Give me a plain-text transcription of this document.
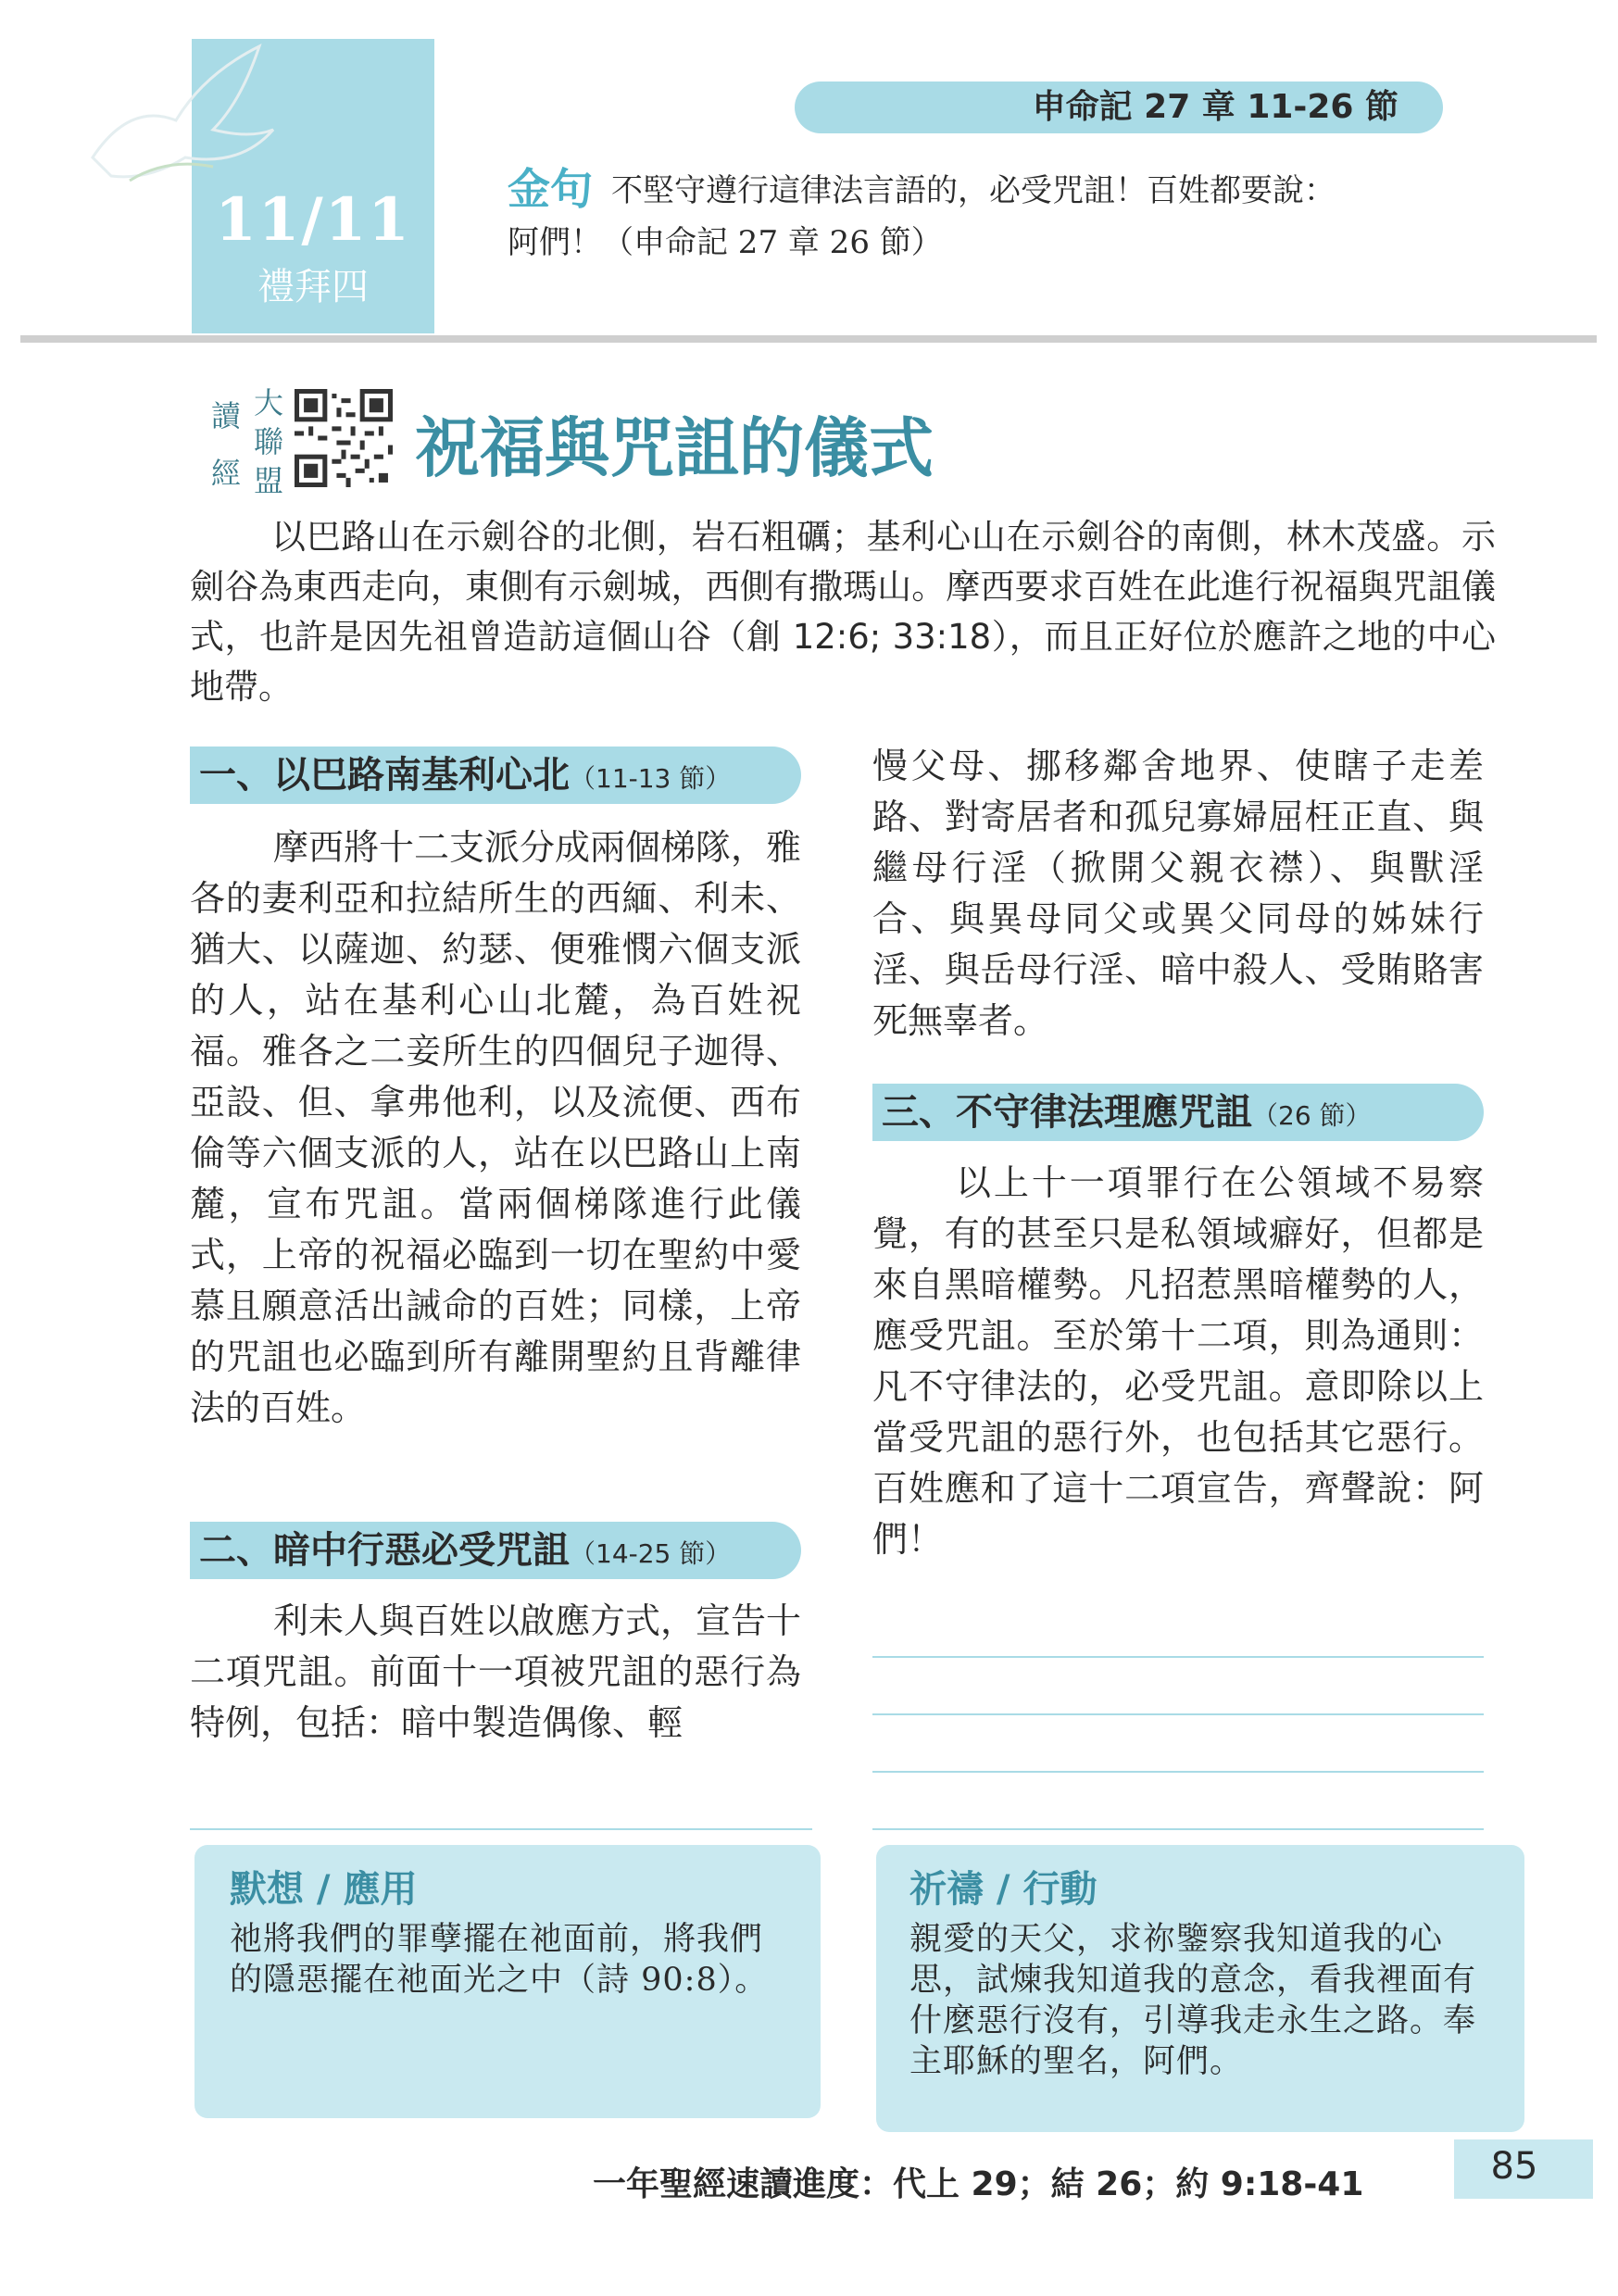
11/11
禮拜四
申命記 27 章 11-26 節
金句 不堅守遵行這律法言語的，必受咒詛！百姓都要說：
阿們！（申命記 27 章 26 節）
讀
經
大
聯
盟 祝福與咒詛的儀式
以巴路山在示劍谷的北側，岩石粗礪；基利心山在示劍谷的南側，林木茂盛。示劍谷為東西走向，東側有示劍城，西側有撒瑪山。摩西要求百姓在此進行祝福與咒詛儀式，也許是因先祖曾造訪這個山谷（創 12:6; 33:18），而且正好位於應許之地的中心地帶。
一、以巴路南基利心北（11-13 節）
摩西將十二支派分成兩個梯隊，雅各的妻利亞和拉結所生的西緬、利未、猶大、以薩迦、約瑟、便雅憫六個支派的人，站在基利心山北麓，為百姓祝福。雅各之二妾所生的四個兒子迦得、亞設、但、拿弗他利，以及流便、西布倫等六個支派的人，站在以巴路山上南麓，宣布咒詛。當兩個梯隊進行此儀式，上帝的祝福必臨到一切在聖約中愛慕且願意活出誡命的百姓；同樣，上帝的咒詛也必臨到所有離開聖約且背離律法的百姓。
二、暗中行惡必受咒詛（14-25 節）
利未人與百姓以啟應方式，宣告十二項咒詛。前面十一項被咒詛的惡行為特例，包括：暗中製造偶像、輕
慢父母、挪移鄰舍地界、使瞎子走差路、對寄居者和孤兒寡婦屈枉正直、與繼母行淫（掀開父親衣襟）、與獸淫合、與異母同父或異父同母的姊妹行淫、與岳母行淫、暗中殺人、受賄賂害死無辜者。
三、不守律法理應咒詛（26 節）
以上十一項罪行在公領域不易察覺，有的甚至只是私領域癖好，但都是來自黑暗權勢。凡招惹黑暗權勢的人，應受咒詛。至於第十二項，則為通則：凡不守律法的，必受咒詛。意即除以上當受咒詛的惡行外，也包括其它惡行。百姓應和了這十二項宣告，齊聲說：阿們！
默想 / 應用
祂將我們的罪孽擺在祂面前，將我們的隱惡擺在祂面光之中（詩 90:8）。
祈禱 / 行動
親愛的天父，求祢鑒察我知道我的心思，試煉我知道我的意念，看我裡面有什麼惡行沒有，引導我走永生之路。奉主耶穌的聖名，阿們。
一年聖經速讀進度：代上 29；結 26；約 9:18-41	85
